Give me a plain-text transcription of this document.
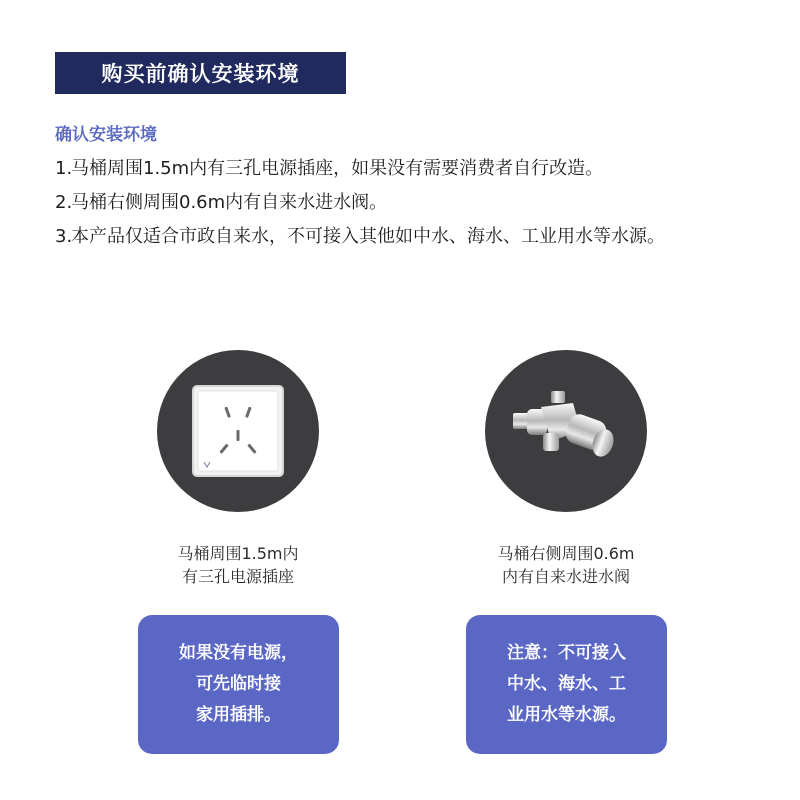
购买前确认安装环境
确认安装环境
1.
马桶周围1.5m内有三孔电源插座，如果没有需要消费者自行改造。
2.
马桶右侧周围0.6m内有自来水进水阀。
3.
本产品仅适合市政自来水，不可接入其他如中水、海水、工业用水等水源。
马桶周围1.5m内
有三孔电源插座
马桶右侧周围0.6m
内有自来水进水阀
如果没有电源，
可先临时接
家用插排。
注意：不可接入
中水、海水、工
业用水等水源。
